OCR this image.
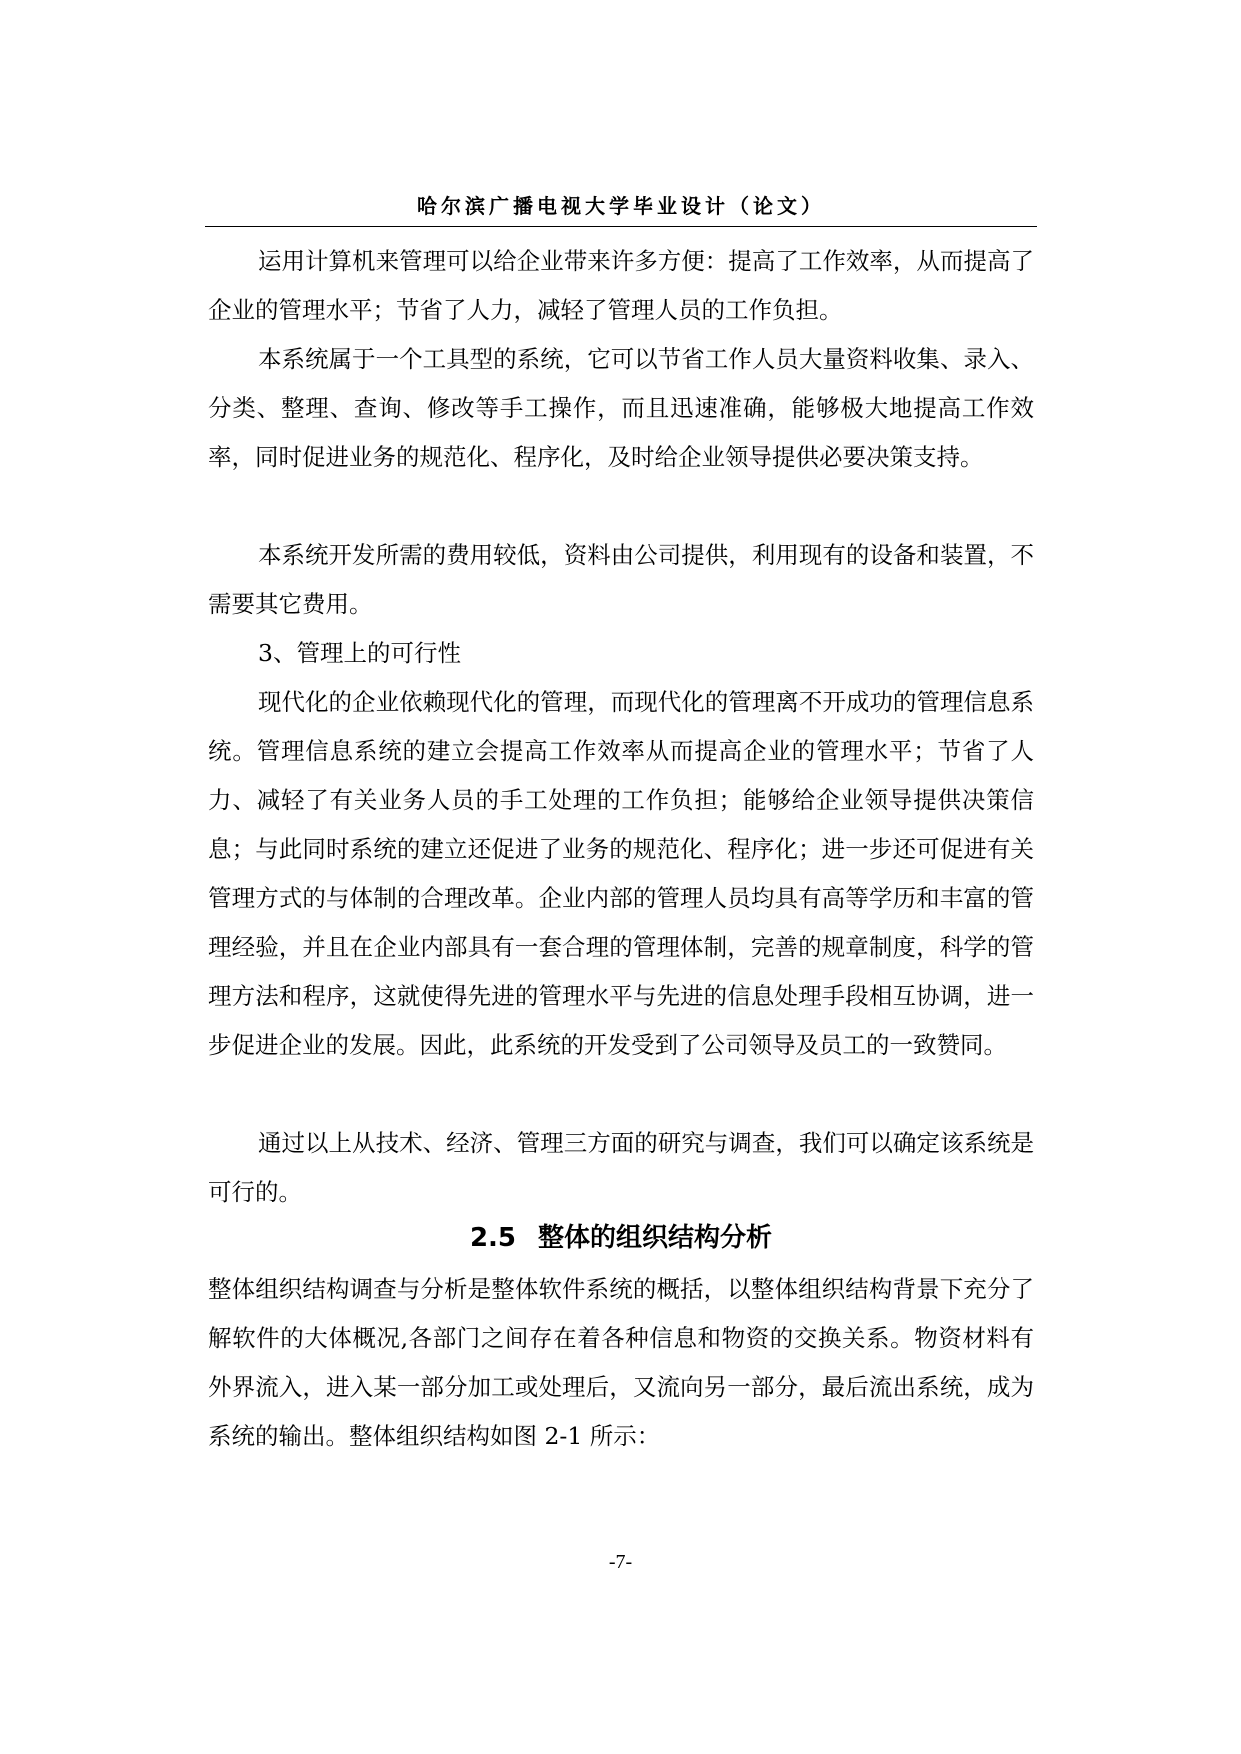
哈尔滨广播电视大学毕业设计（论文）
运用计算机来管理可以给企业带来许多方便：提高了工作效率，从而提高了企业的管理水平；节省了人力，减轻了管理人员的工作负担。
本系统属于一个工具型的系统，它可以节省工作人员大量资料收集、录入、分类、整理、查询、修改等手工操作，而且迅速准确，能够极大地提高工作效率，同时促进业务的规范化、程序化，及时给企业领导提供必要决策支持。
本系统开发所需的费用较低，资料由公司提供，利用现有的设备和装置，不需要其它费用。
3、管理上的可行性
现代化的企业依赖现代化的管理，而现代化的管理离不开成功的管理信息系统。管理信息系统的建立会提高工作效率从而提高企业的管理水平；节省了人力、减轻了有关业务人员的手工处理的工作负担；能够给企业领导提供决策信息；与此同时系统的建立还促进了业务的规范化、程序化；进一步还可促进有关管理方式的与体制的合理改革。企业内部的管理人员均具有高等学历和丰富的管理经验，并且在企业内部具有一套合理的管理体制，完善的规章制度，科学的管理方法和程序，这就使得先进的管理水平与先进的信息处理手段相互协调，进一步促进企业的发展。因此，此系统的开发受到了公司领导及员工的一致赞同。
通过以上从技术、经济、管理三方面的研究与调查，我们可以确定该系统是可行的。
2.5 整体的组织结构分析
整体组织结构调查与分析是整体软件系统的概括，以整体组织结构背景下充分了解软件的大体概况,各部门之间存在着各种信息和物资的交换关系。物资材料有外界流入，进入某一部分加工或处理后，又流向另一部分，最后流出系统，成为系统的输出。整体组织结构如图 2-1 所示：
-7-
